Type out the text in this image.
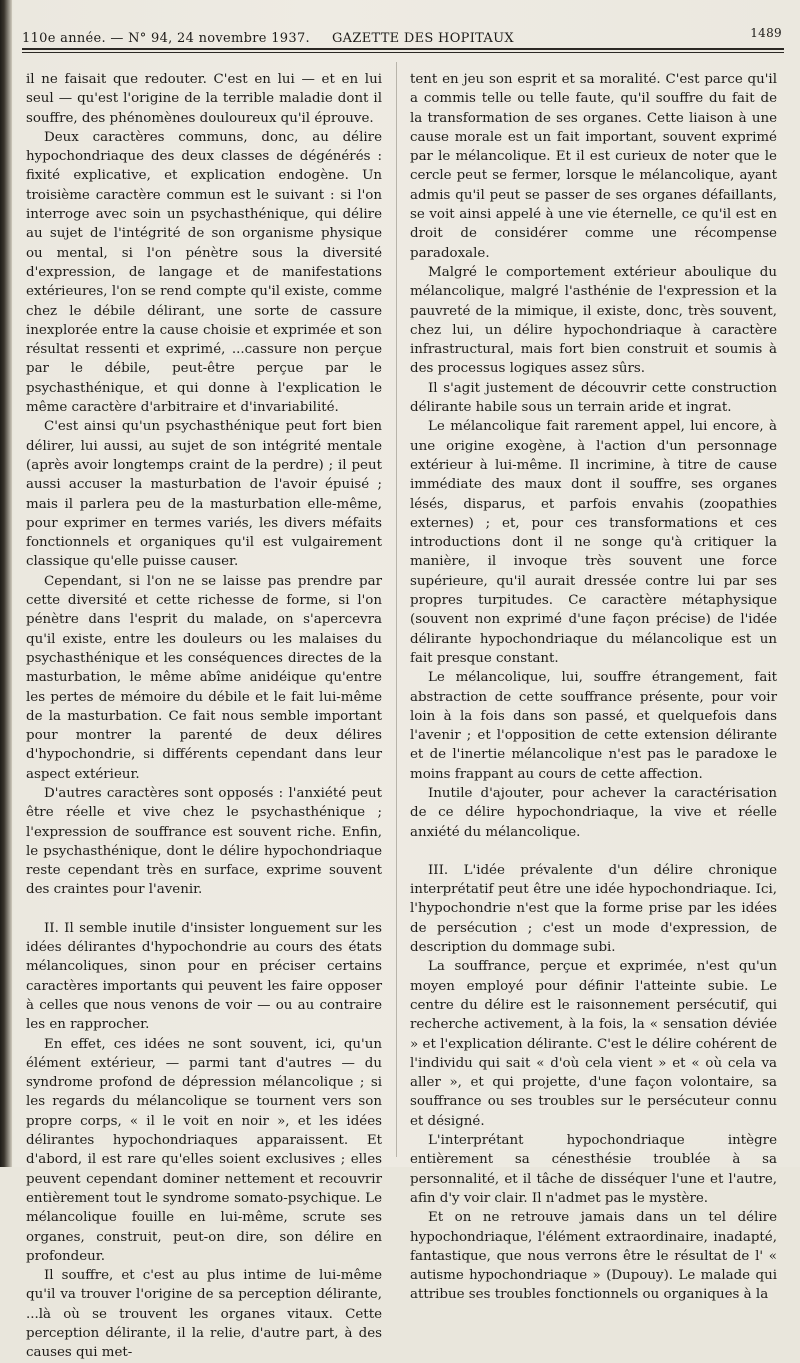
110e année. — N° 94, 24 novembre 1937. GAZETTE DES HOPITAUX	1489

il ne faisait que redouter. C'est en lui — et en lui seul — qu'est l'origine de la terrible maladie dont il souffre, des phénomènes douloureux qu'il éprouve.

Deux caractères communs, donc, au délire hypochondriaque des deux classes de dégénérés : fixité explicative, et explication endogène. Un troisième caractère commun est le suivant : si l'on interroge avec soin un psychasthénique, qui délire au sujet de l'intégrité de son organisme physique ou mental, si l'on pénètre sous la diversité d'expression, de langage et de manifestations extérieures, l'on se rend compte qu'il existe, comme chez le débile délirant, une sorte de cassure inexplorée entre la cause choisie et exprimée et son résultat ressenti et exprimé, ...cassure non perçue par le débile, peut-être perçue par le psychasthénique, et qui donne à l'explication le même caractère d'arbitraire et d'invariabilité.

C'est ainsi qu'un psychasthénique peut fort bien délirer, lui aussi, au sujet de son intégrité mentale (après avoir longtemps craint de la perdre) ; il peut aussi accuser la masturbation de l'avoir épuisé ; mais il parlera peu de la masturbation elle-même, pour exprimer en termes variés, les divers méfaits fonctionnels et organiques qu'il est vulgairement classique qu'elle puisse causer.

Cependant, si l'on ne se laisse pas prendre par cette diversité et cette richesse de forme, si l'on pénètre dans l'esprit du malade, on s'apercevra qu'il existe, entre les douleurs ou les malaises du psychasthénique et les conséquences directes de la masturbation, le même abîme anidéique qu'entre les pertes de mémoire du débile et le fait lui-même de la masturbation. Ce fait nous semble important pour montrer la parenté de deux délires d'hypochondrie, si différents cependant dans leur aspect extérieur.

D'autres caractères sont opposés : l'anxiété peut être réelle et vive chez le psychasthénique ; l'expression de souffrance est souvent riche. Enfin, le psychasthénique, dont le délire hypochondriaque reste cependant très en surface, exprime souvent des craintes pour l'avenir.

II. Il semble inutile d'insister longuement sur les idées délirantes d'hypochondrie au cours des états mélancoliques, sinon pour en préciser certains caractères importants qui peuvent les faire opposer à celles que nous venons de voir — ou au contraire les en rapprocher.

En effet, ces idées ne sont souvent, ici, qu'un élément extérieur, — parmi tant d'autres — du syndrome profond de dépression mélancolique ; si les regards du mélancolique se tournent vers son propre corps, « il le voit en noir », et les idées délirantes hypochondriaques apparaissent. Et d'abord, il est rare qu'elles soient exclusives ; elles peuvent cependant dominer nettement et recouvrir entièrement tout le syndrome somato-psychique. Le mélancolique fouille en lui-même, scrute ses organes, construit, peut-on dire, son délire en profondeur.

Il souffre, et c'est au plus intime de lui-même qu'il va trouver l'origine de sa perception délirante, ...là où se trouvent les organes vitaux. Cette perception délirante, il la relie, d'autre part, à des causes qui met-

tent en jeu son esprit et sa moralité. C'est parce qu'il a commis telle ou telle faute, qu'il souffre du fait de la transformation de ses organes. Cette liaison à une cause morale est un fait important, souvent exprimé par le mélancolique. Et il est curieux de noter que le cercle peut se fermer, lorsque le mélancolique, ayant admis qu'il peut se passer de ses organes défaillants, se voit ainsi appelé à une vie éternelle, ce qu'il est en droit de considérer comme une récompense paradoxale.

Malgré le comportement extérieur aboulique du mélancolique, malgré l'asthénie de l'expression et la pauvreté de la mimique, il existe, donc, très souvent, chez lui, un délire hypochondriaque à caractère infrastructural, mais fort bien construit et soumis à des processus logiques assez sûrs.

Il s'agit justement de découvrir cette construction délirante habile sous un terrain aride et ingrat.

Le mélancolique fait rarement appel, lui encore, à une origine exogène, à l'action d'un personnage extérieur à lui-même. Il incrimine, à titre de cause immédiate des maux dont il souffre, ses organes lésés, disparus, et parfois envahis (zoopathies externes) ; et, pour ces transformations et ces introductions dont il ne songe qu'à critiquer la manière, il invoque très souvent une force supérieure, qu'il aurait dressée contre lui par ses propres turpitudes. Ce caractère métaphysique (souvent non exprimé d'une façon précise) de l'idée délirante hypochondriaque du mélancolique est un fait presque constant.

Le mélancolique, lui, souffre étrangement, fait abstraction de cette souffrance présente, pour voir loin à la fois dans son passé, et quelquefois dans l'avenir ; et l'opposition de cette extension délirante et de l'inertie mélancolique n'est pas le paradoxe le moins frappant au cours de cette affection.

Inutile d'ajouter, pour achever la caractérisation de ce délire hypochondriaque, la vive et réelle anxiété du mélancolique.

III. L'idée prévalente d'un délire chronique interprétatif peut être une idée hypochondriaque. Ici, l'hypochondrie n'est que la forme prise par les idées de persécution ; c'est un mode d'expression, de description du dommage subi.

La souffrance, perçue et exprimée, n'est qu'un moyen employé pour définir l'atteinte subie. Le centre du délire est le raisonnement persécutif, qui recherche activement, à la fois, la « sensation déviée » et l'explication délirante. C'est le délire cohérent de l'individu qui sait « d'où cela vient » et « où cela va aller », et qui projette, d'une façon volontaire, sa souffrance ou ses troubles sur le persécuteur connu et désigné.

L'interprétant hypochondriaque intègre entièrement sa cénesthésie troublée à sa personnalité, et il tâche de disséquer l'une et l'autre, afin d'y voir clair. Il n'admet pas le mystère.

Et on ne retrouve jamais dans un tel délire hypochondriaque, l'élément extraordinaire, inadapté, fantastique, que nous verrons être le résultat de l' « autisme hypochondriaque » (Dupouy). Le malade qui attribue ses troubles fonctionnels ou organiques à la
